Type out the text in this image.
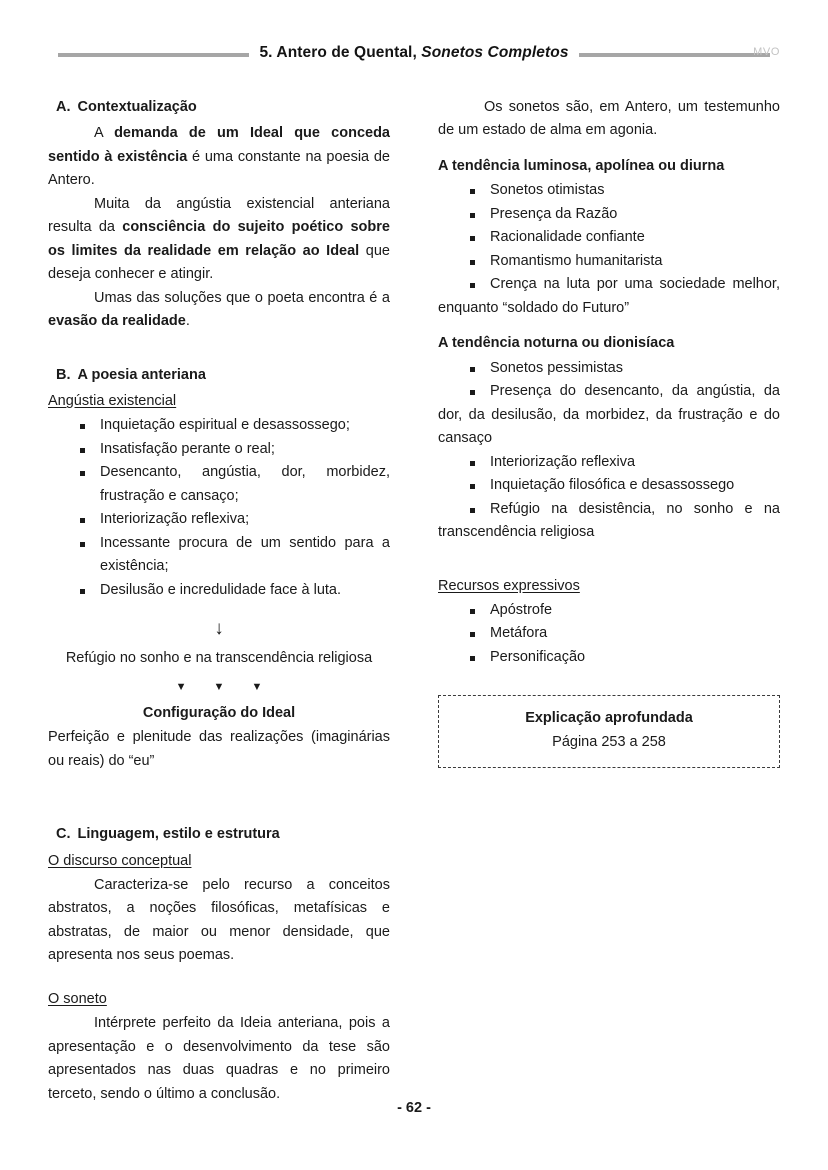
5. Antero de Quental, Sonetos Completos	MVO
A. Contextualização

A demanda de um Ideal que conceda sentido à existência é uma constante na poesia de Antero.

Muita da angústia existencial anteriana resulta da consciência do sujeito poético sobre os limites da realidade em relação ao Ideal que deseja conhecer e atingir.

Umas das soluções que o poeta encontra é a evasão da realidade.

B. A poesia anteriana
Angústia existencial
Inquietação espiritual e desassossego;
Insatisfação perante o real;
Desencanto, angústia, dor, morbidez, frustração e cansaço;
Interiorização reflexiva;
Incessante procura de um sentido para a existência;
Desilusão e incredulidade face à luta.
↓
Refúgio no sonho e na transcendência religiosa
▼ ▼ ▼
Configuração do Ideal

Perfeição e plenitude das realizações (imaginárias ou reais) do “eu”

C. Linguagem, estilo e estrutura
O discurso conceptual

Caracteriza-se pelo recurso a conceitos abstratos, a noções filosóficas, metafísicas e abstratas, de maior ou menor densidade, que apresenta nos seus poemas.

O soneto

Intérprete perfeito da Ideia anteriana, pois a apresentação e o desenvolvimento da tese são apresentados nas duas quadras e no primeiro terceto, sendo o último a conclusão.

Os sonetos são, em Antero, um testemunho de um estado de alma em agonia.

A tendência luminosa, apolínea ou diurna
Sonetos otimistas
Presença da Razão
Racionalidade confiante
Romantismo humanitarista
Crença na luta por uma sociedade melhor, enquanto “soldado do Futuro”
A tendência noturna ou dionisíaca
Sonetos pessimistas
Presença do desencanto, da angústia, da dor, da desilusão, da morbidez, da frustração e do cansaço
Interiorização reflexiva
Inquietação filosófica e desassossego
Refúgio na desistência, no sonho e na transcendência religiosa
Recursos expressivos
Apóstrofe
Metáfora
Personificação
Explicação aprofundada
Página 253 a 258
- 62 -
